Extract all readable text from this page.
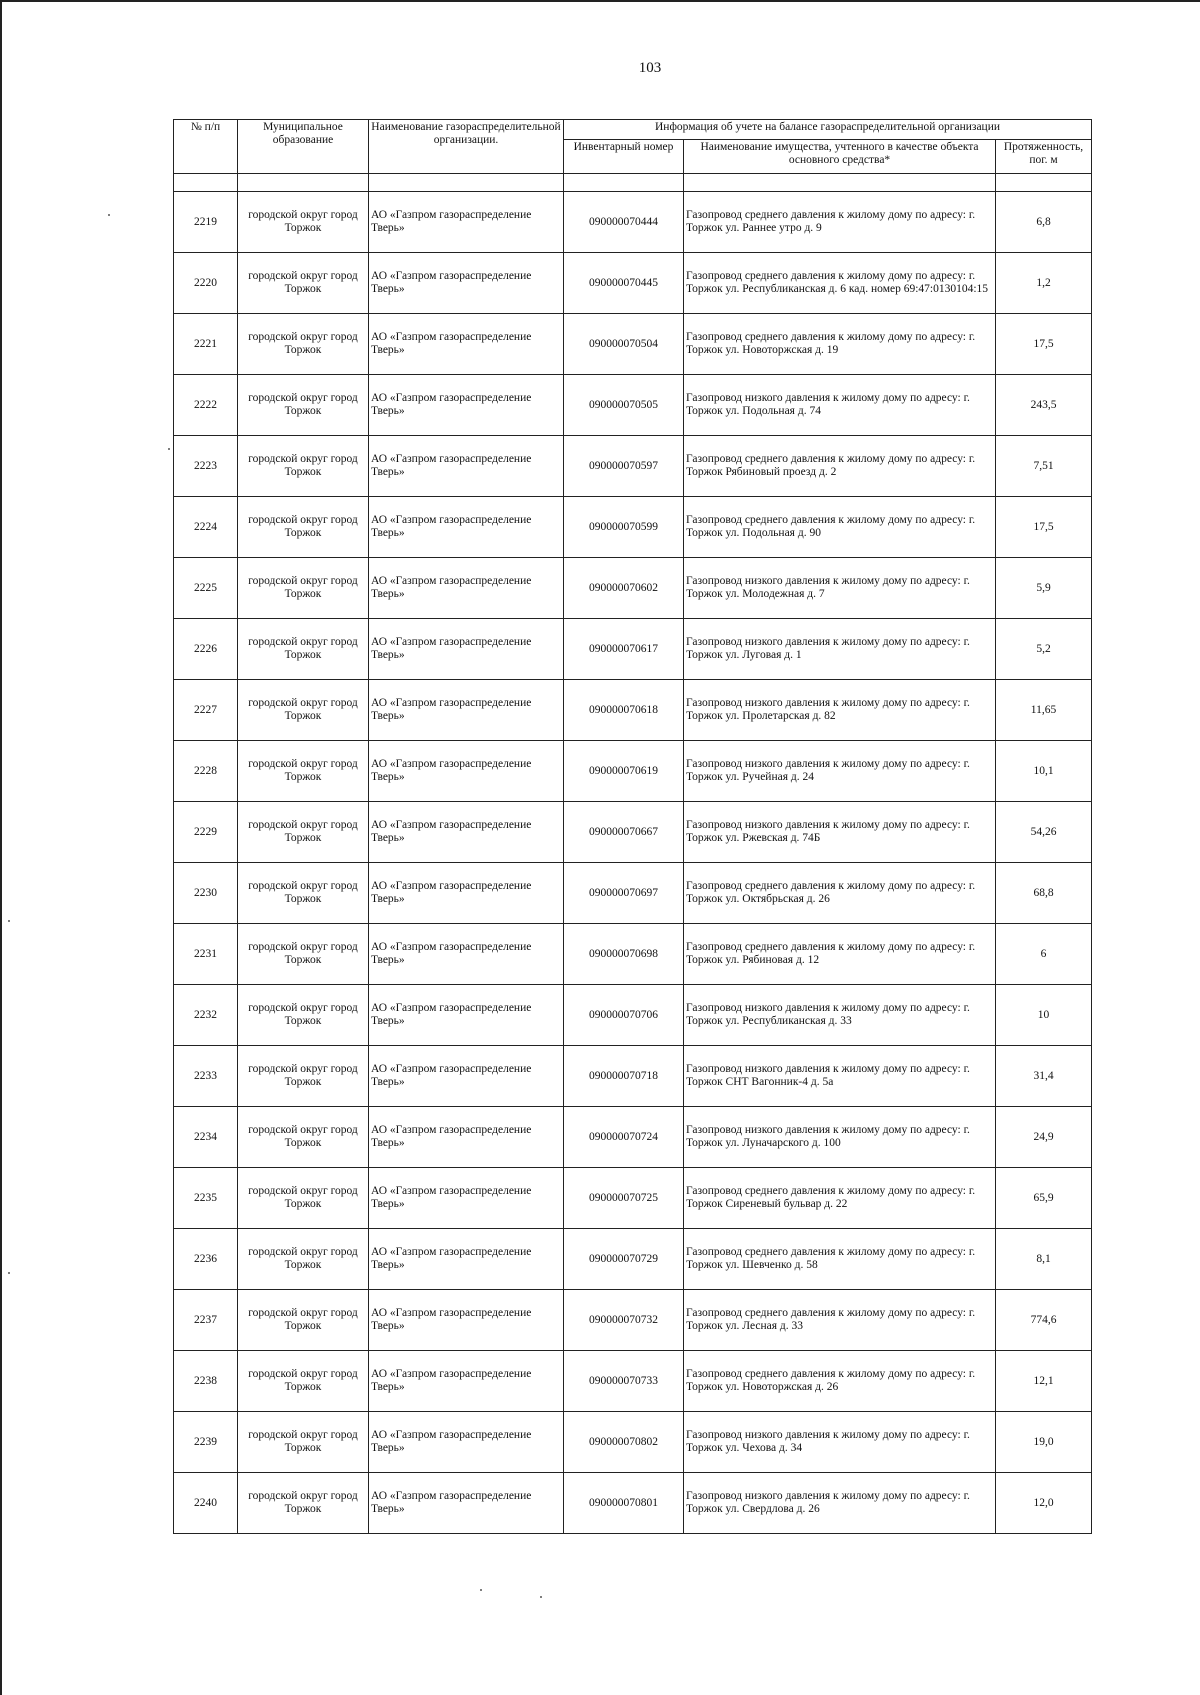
103
№ п/п	Муниципальное образование	Наименование газораспределительной организации.	Информация об учете на балансе газораспределительной организации		
			Инвентарный номер	Наименование имущества, учтенного в качестве объекта основного средства*	Протяженность, пог. м

2219	городской округ город Торжок	АО «Газпром газораспределение Тверь»	090000070444	Газопровод среднего давления к жилому дому по адресу: г. Торжок ул. Раннее утро д. 9	6,8
2220	городской округ город Торжок	АО «Газпром газораспределение Тверь»	090000070445	Газопровод среднего давления к жилому дому по адресу: г. Торжок ул. Республиканская д. 6 кад. номер 69:47:0130104:15	1,2
2221	городской округ город Торжок	АО «Газпром газораспределение Тверь»	090000070504	Газопровод среднего давления к жилому дому по адресу: г. Торжок ул. Новоторжская д. 19	17,5
2222	городской округ город Торжок	АО «Газпром газораспределение Тверь»	090000070505	Газопровод низкого давления к жилому дому по адресу: г. Торжок ул. Подольная д. 74	243,5
2223	городской округ город Торжок	АО «Газпром газораспределение Тверь»	090000070597	Газопровод среднего давления к жилому дому по адресу: г. Торжок Рябиновый проезд д. 2	7,51
2224	городской округ город Торжок	АО «Газпром газораспределение Тверь»	090000070599	Газопровод среднего давления к жилому дому по адресу: г. Торжок ул. Подольная д. 90	17,5
2225	городской округ город Торжок	АО «Газпром газораспределение Тверь»	090000070602	Газопровод низкого давления к жилому дому по адресу: г. Торжок ул. Молодежная д. 7	5,9
2226	городской округ город Торжок	АО «Газпром газораспределение Тверь»	090000070617	Газопровод низкого давления к жилому дому по адресу: г. Торжок ул. Луговая д. 1	5,2
2227	городской округ город Торжок	АО «Газпром газораспределение Тверь»	090000070618	Газопровод низкого давления к жилому дому по адресу: г. Торжок ул. Пролетарская д. 82	11,65
2228	городской округ город Торжок	АО «Газпром газораспределение Тверь»	090000070619	Газопровод низкого давления к жилому дому по адресу: г. Торжок ул. Ручейная д. 24	10,1
2229	городской округ город Торжок	АО «Газпром газораспределение Тверь»	090000070667	Газопровод низкого давления к жилому дому по адресу: г. Торжок ул. Ржевская д. 74Б	54,26
2230	городской округ город Торжок	АО «Газпром газораспределение Тверь»	090000070697	Газопровод среднего давления к жилому дому по адресу: г. Торжок ул. Октябрьская д. 26	68,8
2231	городской округ город Торжок	АО «Газпром газораспределение Тверь»	090000070698	Газопровод среднего давления к жилому дому по адресу: г. Торжок ул. Рябиновая д. 12	6
2232	городской округ город Торжок	АО «Газпром газораспределение Тверь»	090000070706	Газопровод низкого давления к жилому дому по адресу: г. Торжок ул. Республиканская д. 33	10
2233	городской округ город Торжок	АО «Газпром газораспределение Тверь»	090000070718	Газопровод низкого давления к жилому дому по адресу: г. Торжок СНТ Вагонник-4 д. 5а	31,4
2234	городской округ город Торжок	АО «Газпром газораспределение Тверь»	090000070724	Газопровод низкого давления к жилому дому по адресу: г. Торжок ул. Луначарского д. 100	24,9
2235	городской округ город Торжок	АО «Газпром газораспределение Тверь»	090000070725	Газопровод среднего давления к жилому дому по адресу: г. Торжок Сиреневый бульвар д. 22	65,9
2236	городской округ город Торжок	АО «Газпром газораспределение Тверь»	090000070729	Газопровод среднего давления к жилому дому по адресу: г. Торжок ул. Шевченко д. 58	8,1
2237	городской округ город Торжок	АО «Газпром газораспределение Тверь»	090000070732	Газопровод среднего давления к жилому дому по адресу: г. Торжок ул. Лесная д. 33	774,6
2238	городской округ город Торжок	АО «Газпром газораспределение Тверь»	090000070733	Газопровод среднего давления к жилому дому по адресу: г. Торжок ул. Новоторжская д. 26	12,1
2239	городской округ город Торжок	АО «Газпром газораспределение Тверь»	090000070802	Газопровод низкого давления к жилому дому по адресу: г. Торжок ул. Чехова д. 34	19,0
2240	городской округ город Торжок	АО «Газпром газораспределение Тверь»	090000070801	Газопровод низкого давления к жилому дому по адресу: г. Торжок ул. Свердлова д. 26	12,0
